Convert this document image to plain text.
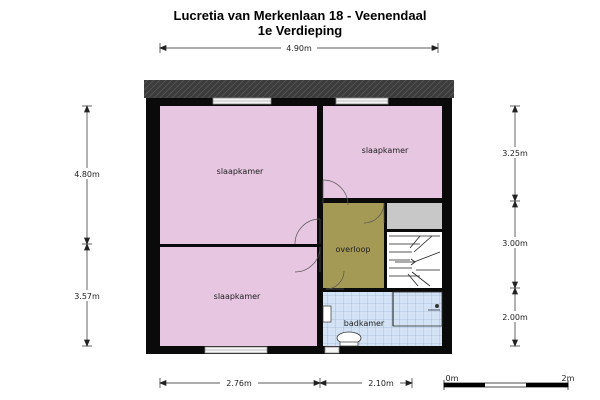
Lucretia van Merkenlaan 18 - Veenendaal
1e Verdieping
slaapkamer
slaapkamer
slaapkamer
overloop
badkamer
4.90m
4.80m
3.57m
3.25m
3.00m
2.00m
2.76m	2.10m
0m	2m
